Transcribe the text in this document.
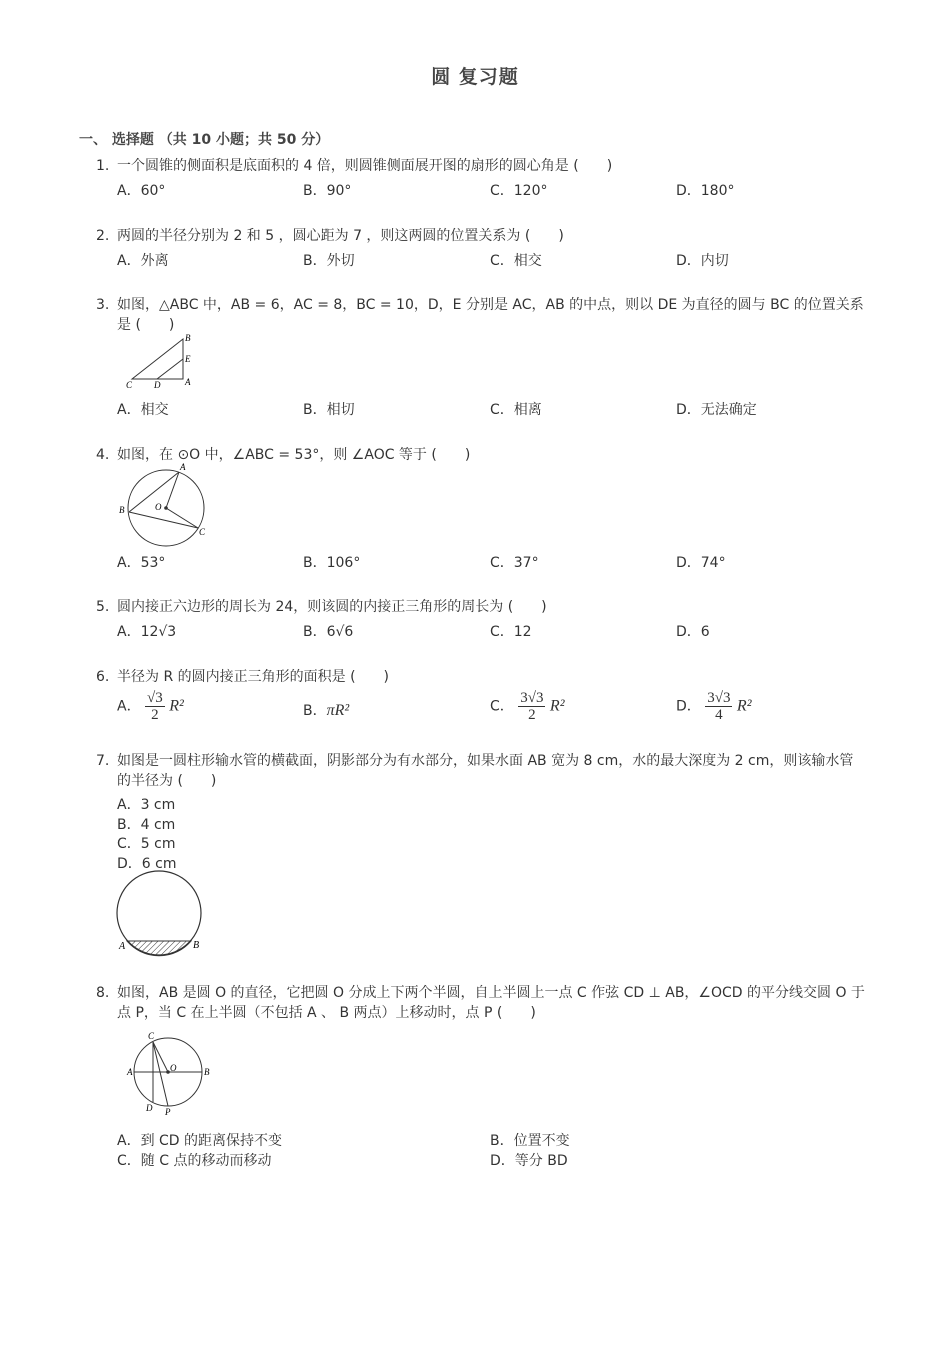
圆 复习题
一、 选择题 （共 10 小题；共 50 分）
1. 一个圆锥的侧面积是底面积的 4 倍，则圆锥侧面展开图的扇形的圆心角是 (　　)
A．60°	B．90°	C．120°	D．180°
2. 两圆的半径分别为 2 和 5 ，圆心距为 7 ，则这两圆的位置关系为 (　　)
A．外离	B．外切	C．相交	D．内切
3. 如图，△ABC 中，AB = 6，AC = 8，BC = 10，D，E 分别是 AC，AB 的中点，则以 DE 为直径的圆与 BC 的位置关系是 (　　)
B
E
C D	A
A．相交	B．相切	C．相离	D．无法确定
4. 如图，在 ⊙O 中，∠ABC = 53°，则 ∠AOC 等于 (　　)
A
B	O
C
A．53°	B．106°	C．37°	D．74°
5. 圆内接正六边形的周长为 24，则该圆的内接正三角形的周长为 (　　)
A．12√3	B．6√6	C．12	D．6
6. 半径为 R 的圆内接正三角形的面积是 (　　)
A． $\frac{√3}{2} R^2$	B．πR²	C． $\frac{3√3}{2} R^2$	D． $\frac{3√3}{4} R^2$
7. 如图是一圆柱形输水管的横截面，阴影部分为有水部分，如果水面 AB 宽为 8 cm，水的最大深度为 2 cm，则该输水管的半径为 (　　)
A．3 cm
B．4 cm
C．5 cm
D．6 cm
A	B
8. 如图，AB 是圆 O 的直径，它把圆 O 分成上下两个半圆，自上半圆上一点 C 作弦 CD ⊥ AB，∠OCD 的平分线交圆 O 于点 P，当 C 在上半圆（不包括 A 、 B 两点）上移动时，点 P (　　)
C
A	O	B
D P
A．到 CD 的距离保持不变	B．位置不变
C．随 C 点的移动而移动	D．等分 BD
